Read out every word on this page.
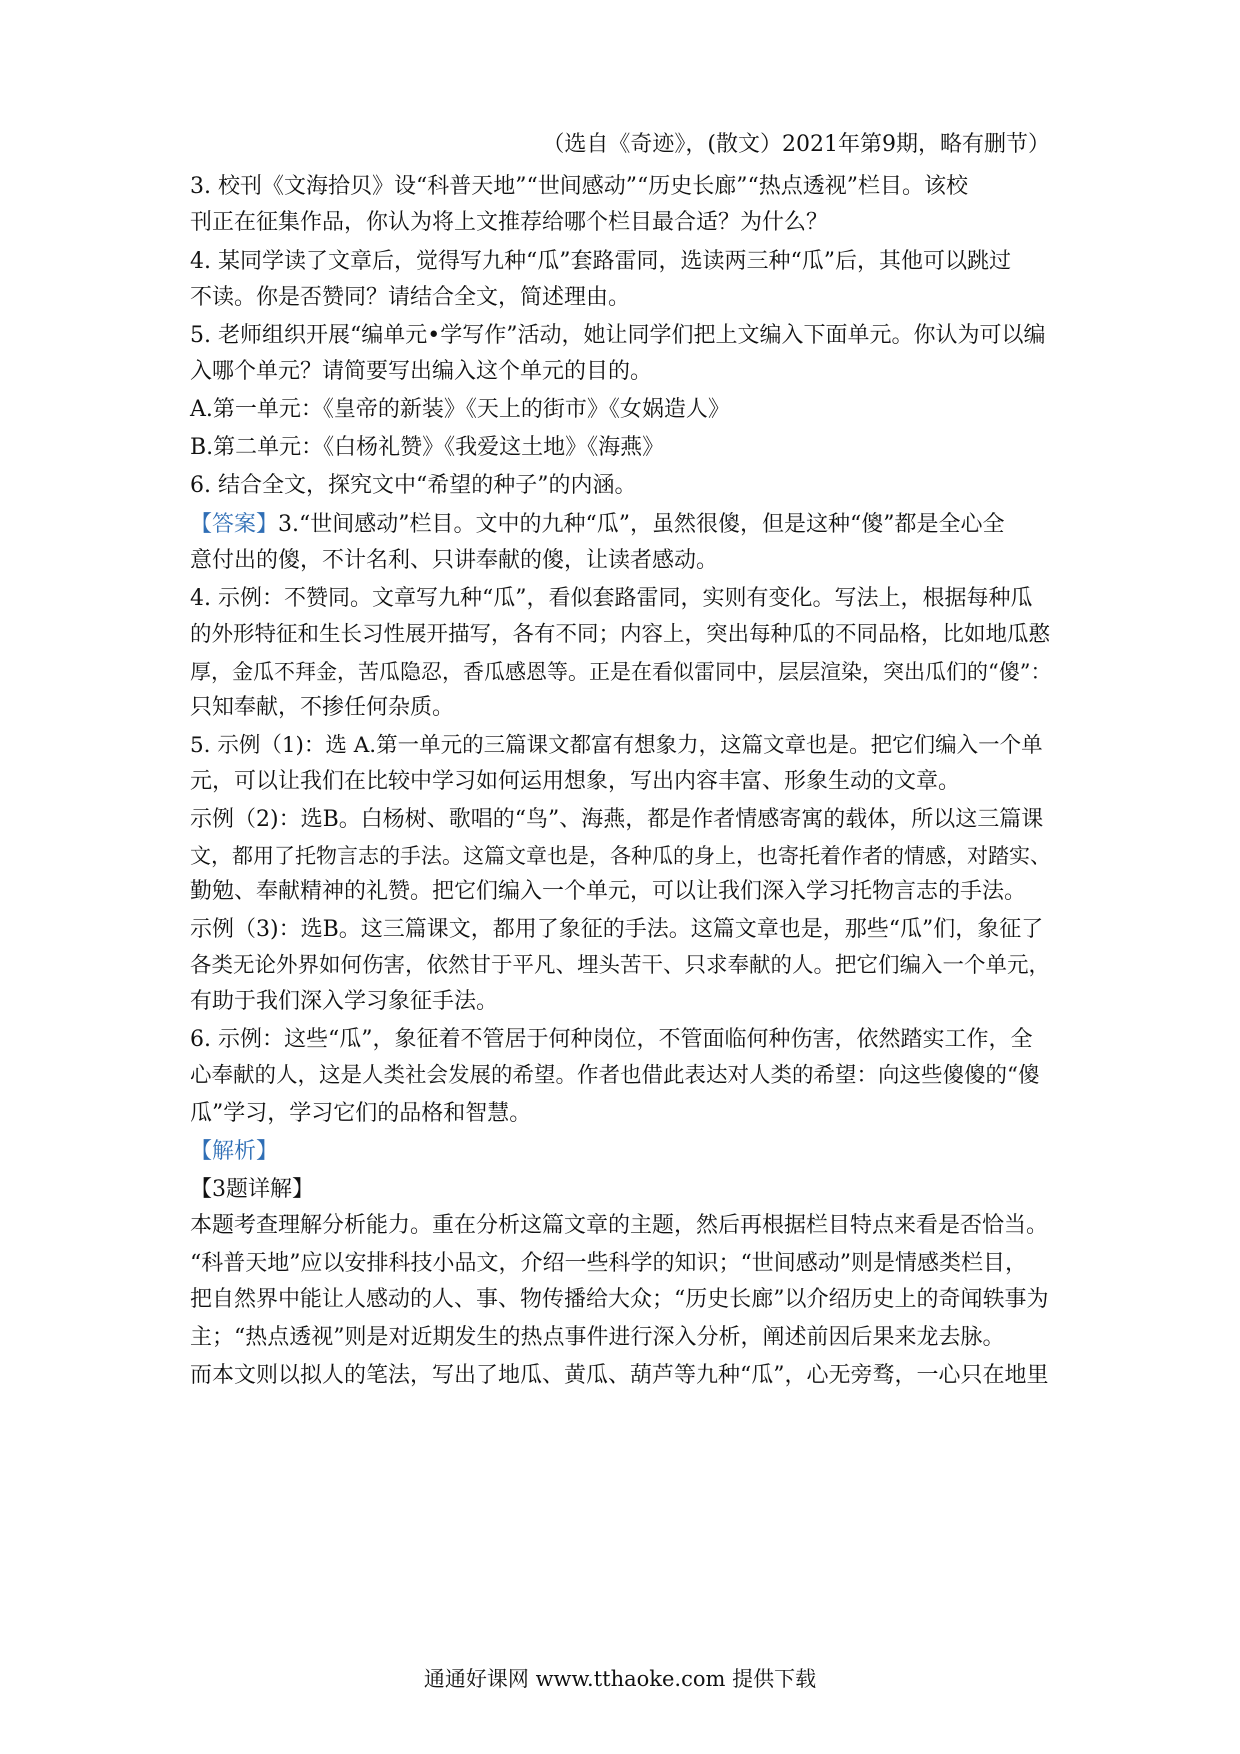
（选自《奇迹》，(散文）2021年第9期，略有删节）
3. 校刊《文海拾贝》设“科普天地”“世间感动”“历史长廊”“热点透视”栏目。该校
刊正在征集作品，你认为将上文推荐给哪个栏目最合适？为什么？
4. 某同学读了文章后，觉得写九种“瓜”套路雷同，选读两三种“瓜”后，其他可以跳过
不读。你是否赞同？请结合全文，简述理由。
5. 老师组织开展“编单元•学写作”活动，她让同学们把上文编入下面单元。你认为可以编
入哪个单元？请简要写出编入这个单元的目的。
A.第一单元：《皇帝的新装》《天上的街市》《女娲造人》
B.第二单元：《白杨礼赞》《我爱这土地》《海燕》
6. 结合全文，探究文中“希望的种子”的内涵。
【答案】3.“世间感动”栏目。文中的九种“瓜”，虽然很傻，但是这种“傻”都是全心全
意付出的傻，不计名利、只讲奉献的傻，让读者感动。
4. 示例：不赞同。文章写九种“瓜”，看似套路雷同，实则有变化。写法上，根据每种瓜
的外形特征和生长习性展开描写，各有不同；内容上，突出每种瓜的不同品格，比如地瓜憨
厚，金瓜不拜金，苦瓜隐忍，香瓜感恩等。正是在看似雷同中，层层渲染，突出瓜们的“傻”：
只知奉献，不掺任何杂质。
5. 示例（1)：选 A.第一单元的三篇课文都富有想象力，这篇文章也是。把它们编入一个单
元，可以让我们在比较中学习如何运用想象，写出内容丰富、形象生动的文章。
示例（2)：选B。白杨树、歌唱的“鸟”、海燕，都是作者情感寄寓的载体，所以这三篇课
文，都用了托物言志的手法。这篇文章也是，各种瓜的身上，也寄托着作者的情感，对踏实、
勤勉、奉献精神的礼赞。把它们编入一个单元，可以让我们深入学习托物言志的手法。
示例（3)：选B。这三篇课文，都用了象征的手法。这篇文章也是，那些“瓜”们，象征了
各类无论外界如何伤害，依然甘于平凡、埋头苦干、只求奉献的人。把它们编入一个单元，
有助于我们深入学习象征手法。
6. 示例：这些“瓜”，象征着不管居于何种岗位，不管面临何种伤害，依然踏实工作，全
心奉献的人，这是人类社会发展的希望。作者也借此表达对人类的希望：向这些傻傻的“傻
瓜”学习，学习它们的品格和智慧。
【解析】
【3题详解】
本题考查理解分析能力。重在分析这篇文章的主题，然后再根据栏目特点来看是否恰当。
“科普天地”应以安排科技小品文，介绍一些科学的知识；“世间感动”则是情感类栏目，
把自然界中能让人感动的人、事、物传播给大众；“历史长廊”以介绍历史上的奇闻轶事为
主；“热点透视”则是对近期发生的热点事件进行深入分析，阐述前因后果来龙去脉。
而本文则以拟人的笔法，写出了地瓜、黄瓜、葫芦等九种“瓜”，心无旁骛，一心只在地里
通通好课网 www.tthaoke.com 提供下载
